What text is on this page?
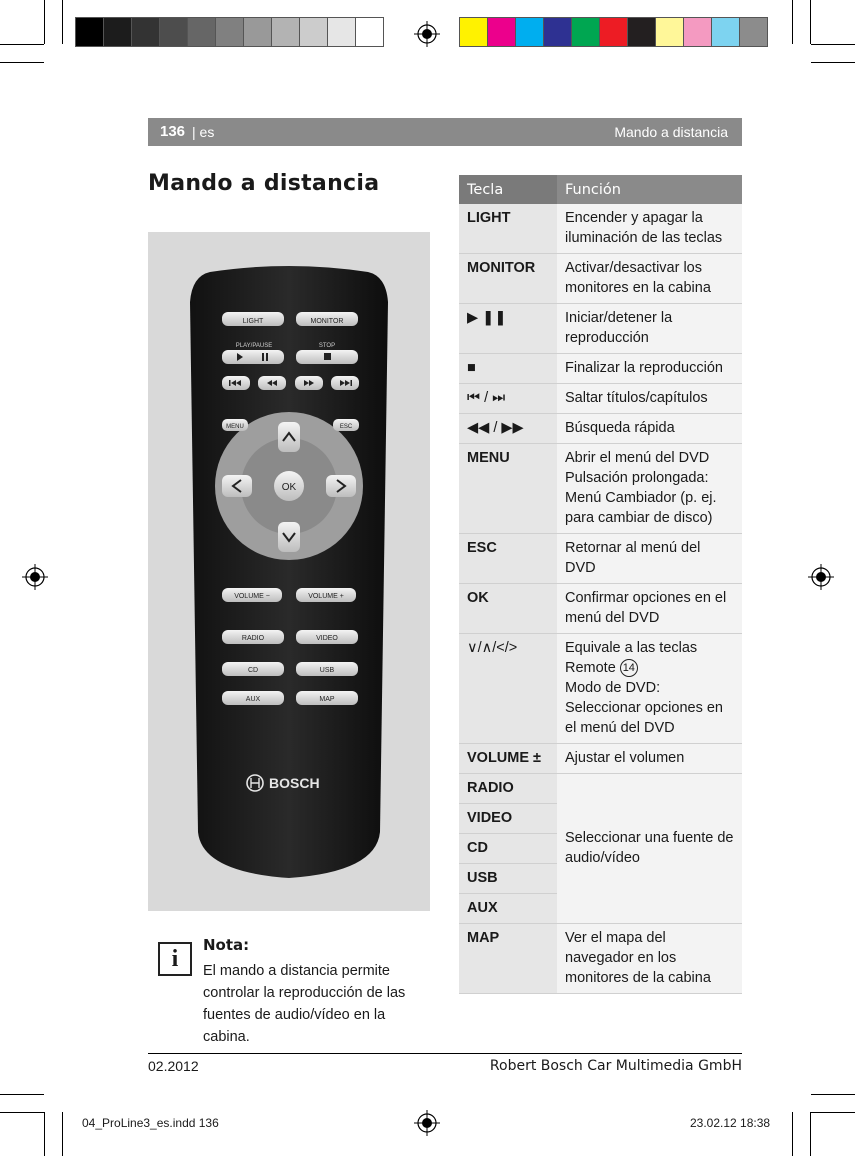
136 | es	Mando a distancia
Mando a distancia
LIGHT	MONITOR
PLAY/PAUSE	STOP
MENU	ESC
OK
VOLUME −	VOLUME +
RADIO	VIDEO
CD	USB
AUX	MAP
BOSCH
i
Nota:
El mando a distancia permite controlar la reproducción de las fuentes de audio/vídeo en la cabina.
Tecla	Función
LIGHT	Encender y apagar la iluminación de las teclas
MONITOR	Activar/desactivar los monitores en la cabina
▶ ❚❚	Iniciar/detener la reproducción
■	Finalizar la reproducción
⏮ / ⏭	Saltar títulos/capítulos
◀◀ / ▶▶	Búsqueda rápida
MENU	Abrir el menú del DVD
Pulsación prolongada: Menú Cambiador (p. ej. para cambiar de disco)

ESC	Retornar al menú del DVD
OK	Confirmar opciones en el menú del DVD
∨/∧/</>	Equivale a las teclas Remote 14
Modo de DVD: Seleccionar opciones en el menú del DVD

VOLUME ±	Ajustar el volumen
RADIO	Seleccionar una fuente de audio/vídeo
VIDEO	
CD	
USB	
AUX	
MAP	Ver el mapa del navegador en los monitores de la cabina
02.2012	Robert Bosch Car Multimedia GmbH
04_ProLine3_es.indd 136	23.02.12 18:38
